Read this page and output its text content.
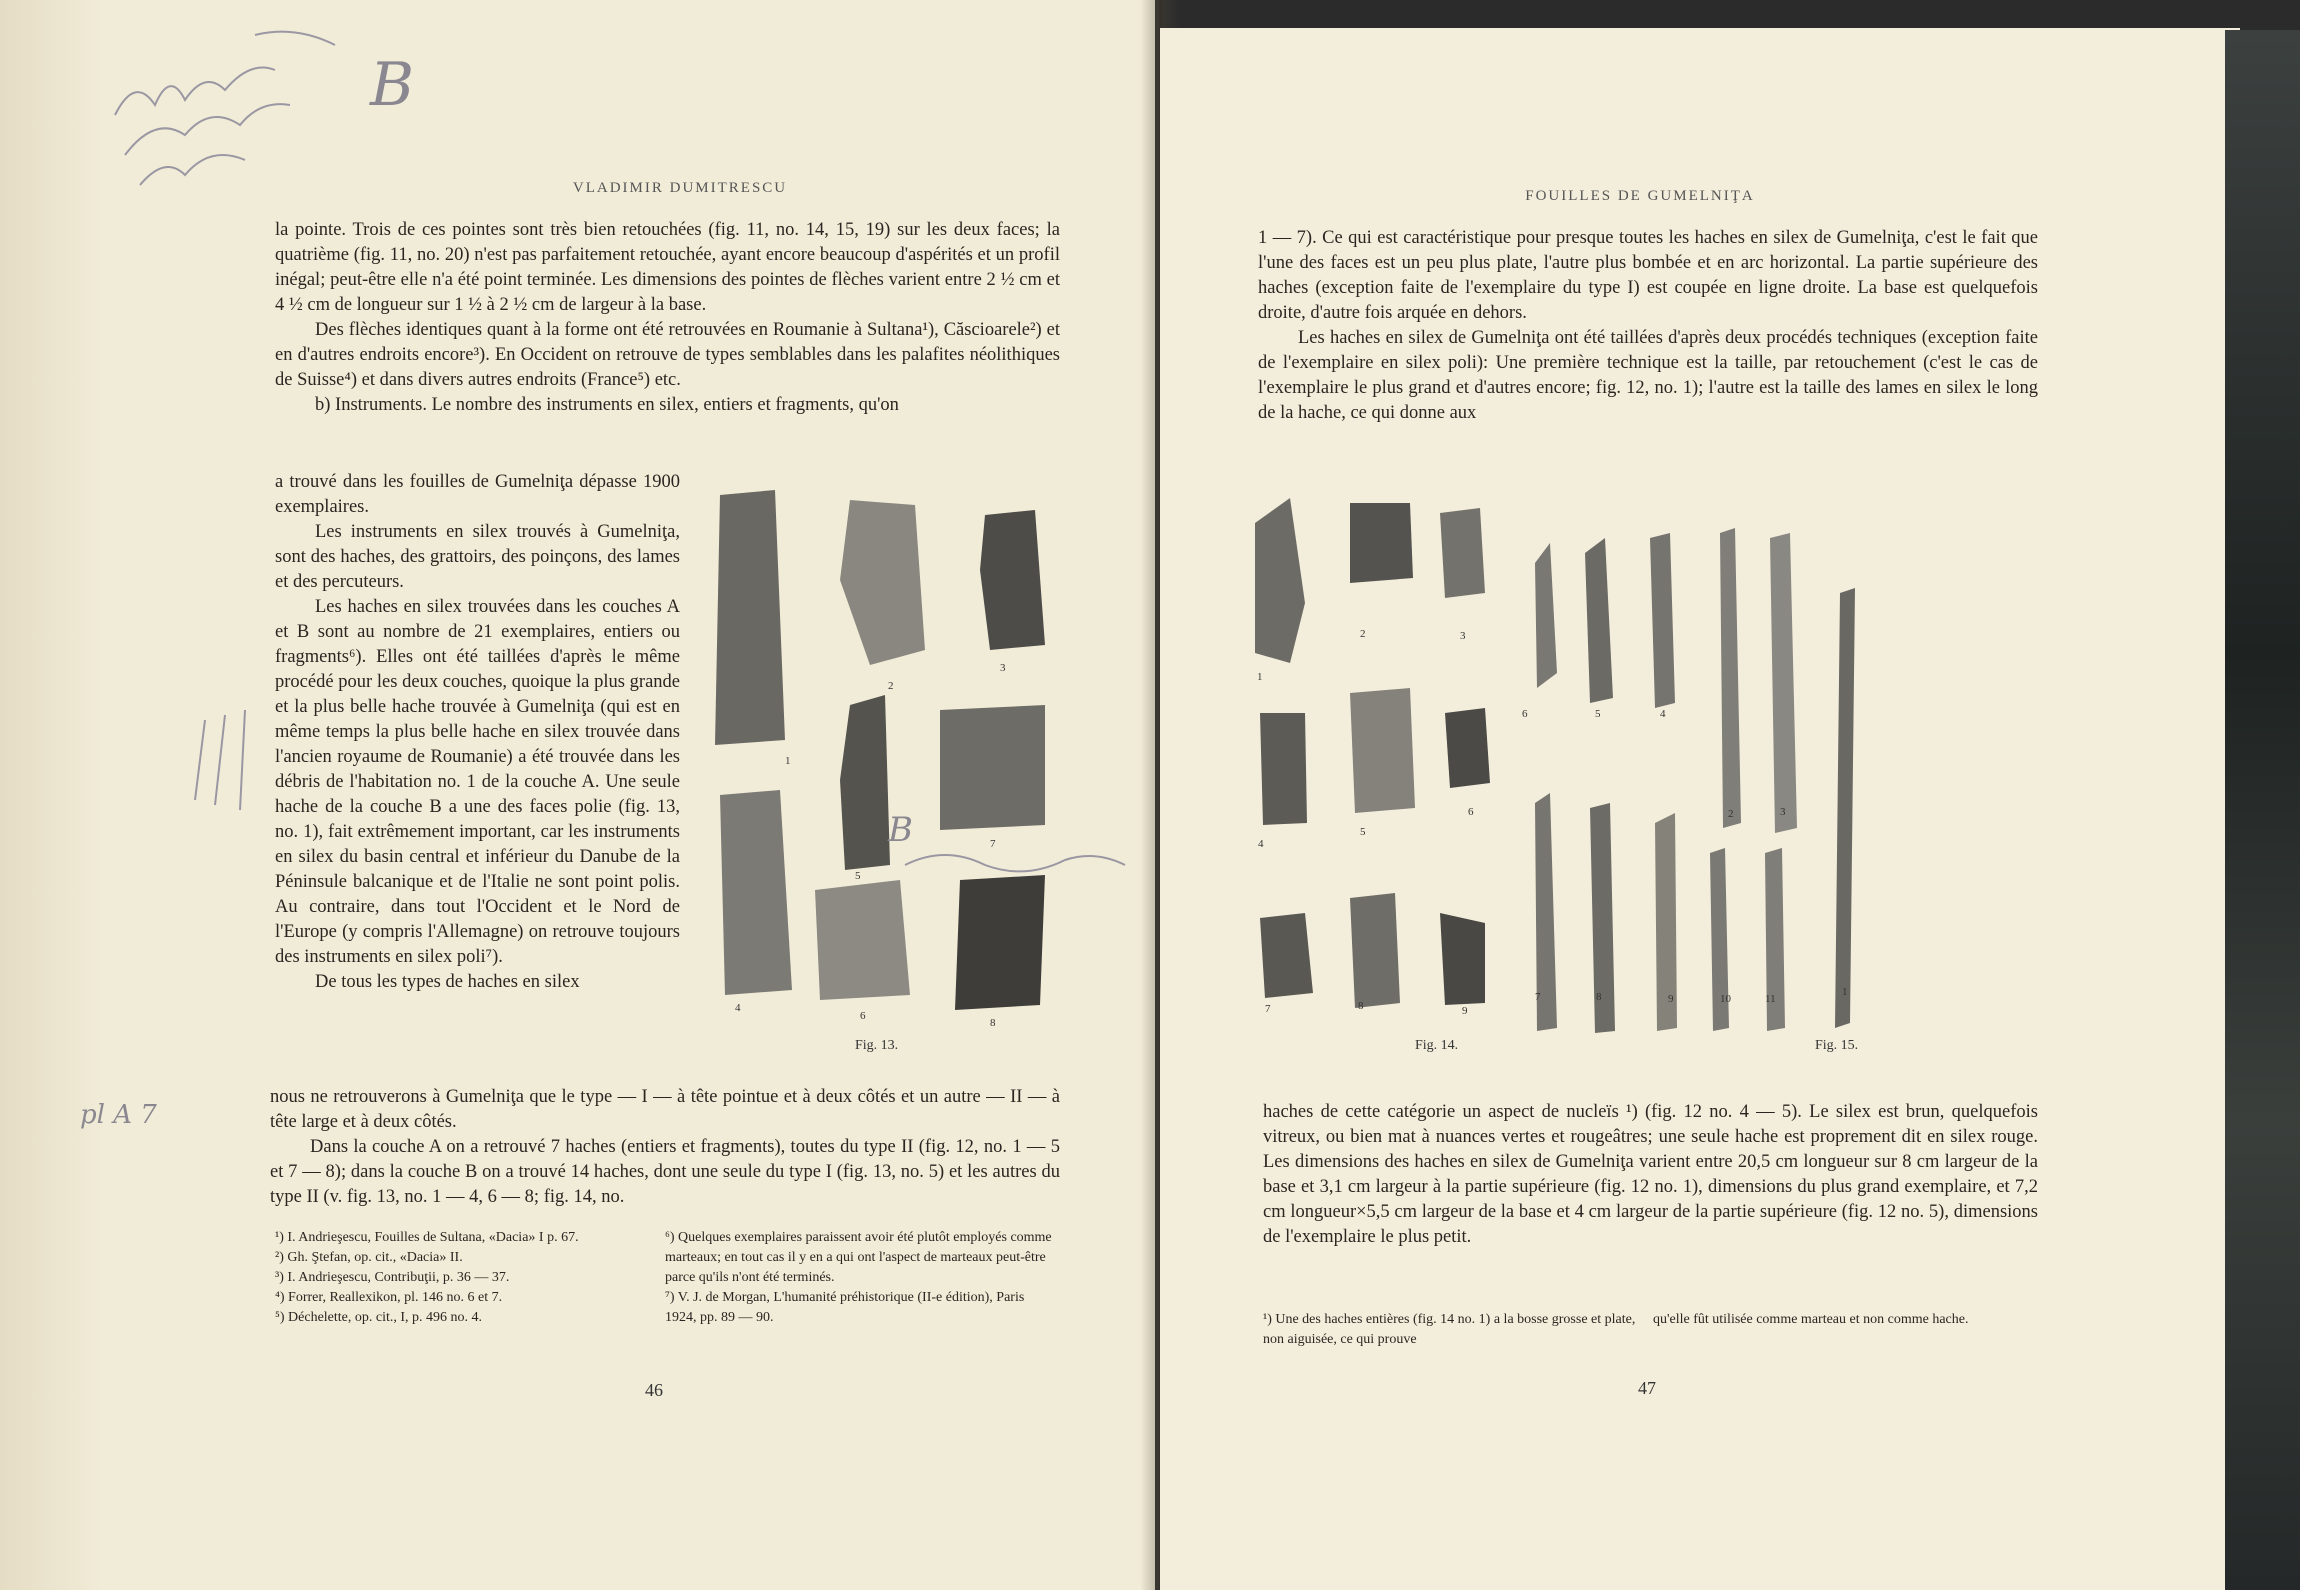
B
VLADIMIR DUMITRESCU

la pointe. Trois de ces pointes sont très bien retouchées (fig. 11, no. 14, 15, 19) sur les deux faces; la quatrième (fig. 11, no. 20) n'est pas parfaitement retouchée, ayant encore beaucoup d'aspérités et un profil inégal; peut-être elle n'a été point terminée. Les dimensions des pointes de flèches varient entre 2 ½ cm et 4 ½ cm de longueur sur 1 ½ à 2 ½ cm de largeur à la base.

Des flèches identiques quant à la forme ont été retrouvées en Roumanie à Sultana¹), Căscioarele²) et en d'autres endroits encore³). En Occident on retrouve de types semblables dans les palafites néolithiques de Suisse⁴) et dans divers autres endroits (France⁵) etc.

b) Instruments. Le nombre des instruments en silex, entiers et fragments, qu'on

a trouvé dans les fouilles de Gumelniţa dépasse 1900 exemplaires.

Les instruments en silex trouvés à Gumelniţa, sont des haches, des grattoirs, des poinçons, des lames et des percuteurs.

Les haches en silex trouvées dans les couches A et B sont au nombre de 21 exemplaires, entiers ou fragments⁶). Elles ont été taillées d'après le même procédé pour les deux couches, quoique la plus grande et la plus belle hache trouvée à Gumelniţa (qui est en même temps la plus belle hache en silex trouvée dans l'ancien royaume de Roumanie) a été trouvée dans les débris de l'habitation no. 1 de la couche A. Une seule hache de la couche B a une des faces polie (fig. 13, no. 1), fait extrêmement important, car les instruments en silex du basin central et inférieur du Danube de la Péninsule balcanique et de l'Italie ne sont point polis. Au contraire, dans tout l'Occident et le Nord de l'Europe (y compris l'Allemagne) on retrouve toujours des instruments en silex poli⁷).

De tous les types de haches en silex

1
2
3
4
5
6
7
8
Fig. 13.
B

nous ne retrouverons à Gumelniţa que le type — I — à tête pointue et à deux côtés et un autre — II — à tête large et à deux côtés.

Dans la couche A on a retrouvé 7 haches (entiers et fragments), toutes du type II (fig. 12, no. 1 — 5 et 7 — 8); dans la couche B on a trouvé 14 haches, dont une seule du type I (fig. 13, no. 5) et les autres du type II (v. fig. 13, no. 1 — 4, 6 — 8; fig. 14, no.

pl A 7

¹) I. Andrieşescu, Fouilles de Sultana, «Dacia» I p. 67.

²) Gh. Ştefan, op. cit., «Dacia» II.

³) I. Andrieşescu, Contribuţii, p. 36 — 37.

⁴) Forrer, Reallexikon, pl. 146 no. 6 et 7.

⁵) Déchelette, op. cit., I, p. 496 no. 4.

⁶) Quelques exemplaires paraissent avoir été plutôt employés comme marteaux; en tout cas il y en a qui ont l'aspect de marteaux peut-être parce qu'ils n'ont été terminés.

⁷) V. J. de Morgan, L'humanité préhistorique (II-e édition), Paris 1924, pp. 89 — 90.

46
FOUILLES DE GUMELNIŢA

1 — 7). Ce qui est caractéristique pour presque toutes les haches en silex de Gumelniţa, c'est le fait que l'une des faces est un peu plus plate, l'autre plus bombée et en arc horizontal. La partie supérieure des haches (exception faite de l'exemplaire du type I) est coupée en ligne droite. La base est quelquefois droite, d'autre fois arquée en dehors.

Les haches en silex de Gumelniţa ont été taillées d'après deux procédés techniques (exception faite de l'exemplaire en silex poli): Une première technique est la taille, par retouchement (c'est le cas de l'exemplaire le plus grand et d'autres encore; fig. 12, no. 1); l'autre est la taille des lames en silex le long de la hache, ce qui donne aux

1
2	3
4
5
6
7	8	9
6	5	4
2	3
7	8	9	10	11
1
Fig. 14.	Fig. 15.

haches de cette catégorie un aspect de nucleïs ¹) (fig. 12 no. 4 — 5). Le silex est brun, quelquefois vitreux, ou bien mat à nuances vertes et rougeâtres; une seule hache est proprement dit en silex rouge. Les dimensions des haches en silex de Gumelniţa varient entre 20,5 cm longueur sur 8 cm largeur de la base et 3,1 cm largeur à la partie supérieure (fig. 12 no. 1), dimensions du plus grand exemplaire, et 7,2 cm longueur×5,5 cm largeur de la base et 4 cm largeur de la partie supérieure (fig. 12 no. 5), dimensions de l'exemplaire le plus petit.

¹) Une des haches entières (fig. 14 no. 1) a la bosse grosse et plate, non aiguisée, ce qui prouve

qu'elle fût utilisée comme marteau et non comme hache.

47
